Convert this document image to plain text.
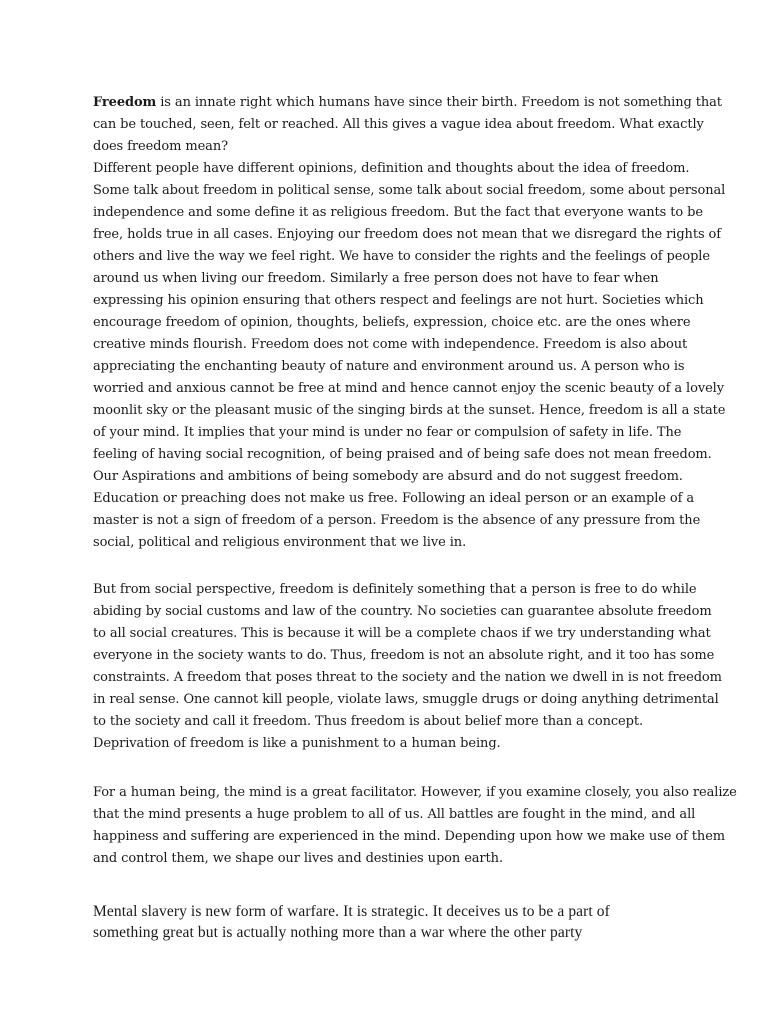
Freedom is an innate right which humans have since their birth. Freedom is not something that
can be touched, seen, felt or reached. All this gives a vague idea about freedom. What exactly
does freedom mean?
Different people have different opinions, definition and thoughts about the idea of freedom.
Some talk about freedom in political sense, some talk about social freedom, some about personal
independence and some define it as religious freedom. But the fact that everyone wants to be
free, holds true in all cases. Enjoying our freedom does not mean that we disregard the rights of
others and live the way we feel right. We have to consider the rights and the feelings of people
around us when living our freedom. Similarly a free person does not have to fear when
expressing his opinion ensuring that others respect and feelings are not hurt. Societies which
encourage freedom of opinion, thoughts, beliefs, expression, choice etc. are the ones where
creative minds flourish. Freedom does not come with independence. Freedom is also about
appreciating the enchanting beauty of nature and environment around us. A person who is
worried and anxious cannot be free at mind and hence cannot enjoy the scenic beauty of a lovely
moonlit sky or the pleasant music of the singing birds at the sunset. Hence, freedom is all a state
of your mind. It implies that your mind is under no fear or compulsion of safety in life. The
feeling of having social recognition, of being praised and of being safe does not mean freedom.
Our Aspirations and ambitions of being somebody are absurd and do not suggest freedom.
Education or preaching does not make us free. Following an ideal person or an example of a
master is not a sign of freedom of a person. Freedom is the absence of any pressure from the
social, political and religious environment that we live in.

But from social perspective, freedom is definitely something that a person is free to do while
abiding by social customs and law of the country. No societies can guarantee absolute freedom
to all social creatures. This is because it will be a complete chaos if we try understanding what
everyone in the society wants to do. Thus, freedom is not an absolute right, and it too has some
constraints. A freedom that poses threat to the society and the nation we dwell in is not freedom
in real sense. One cannot kill people, violate laws, smuggle drugs or doing anything detrimental
to the society and call it freedom. Thus freedom is about belief more than a concept.
Deprivation of freedom is like a punishment to a human being.

For a human being, the mind is a great facilitator. However, if you examine closely, you also realize
that the mind presents a huge problem to all of us. All battles are fought in the mind, and all
happiness and suffering are experienced in the mind. Depending upon how we make use of them
and control them, we shape our lives and destinies upon earth.

Mental slavery is new form of warfare. It is strategic. It deceives us to be a part of
something great but is actually nothing more than a war where the other party
